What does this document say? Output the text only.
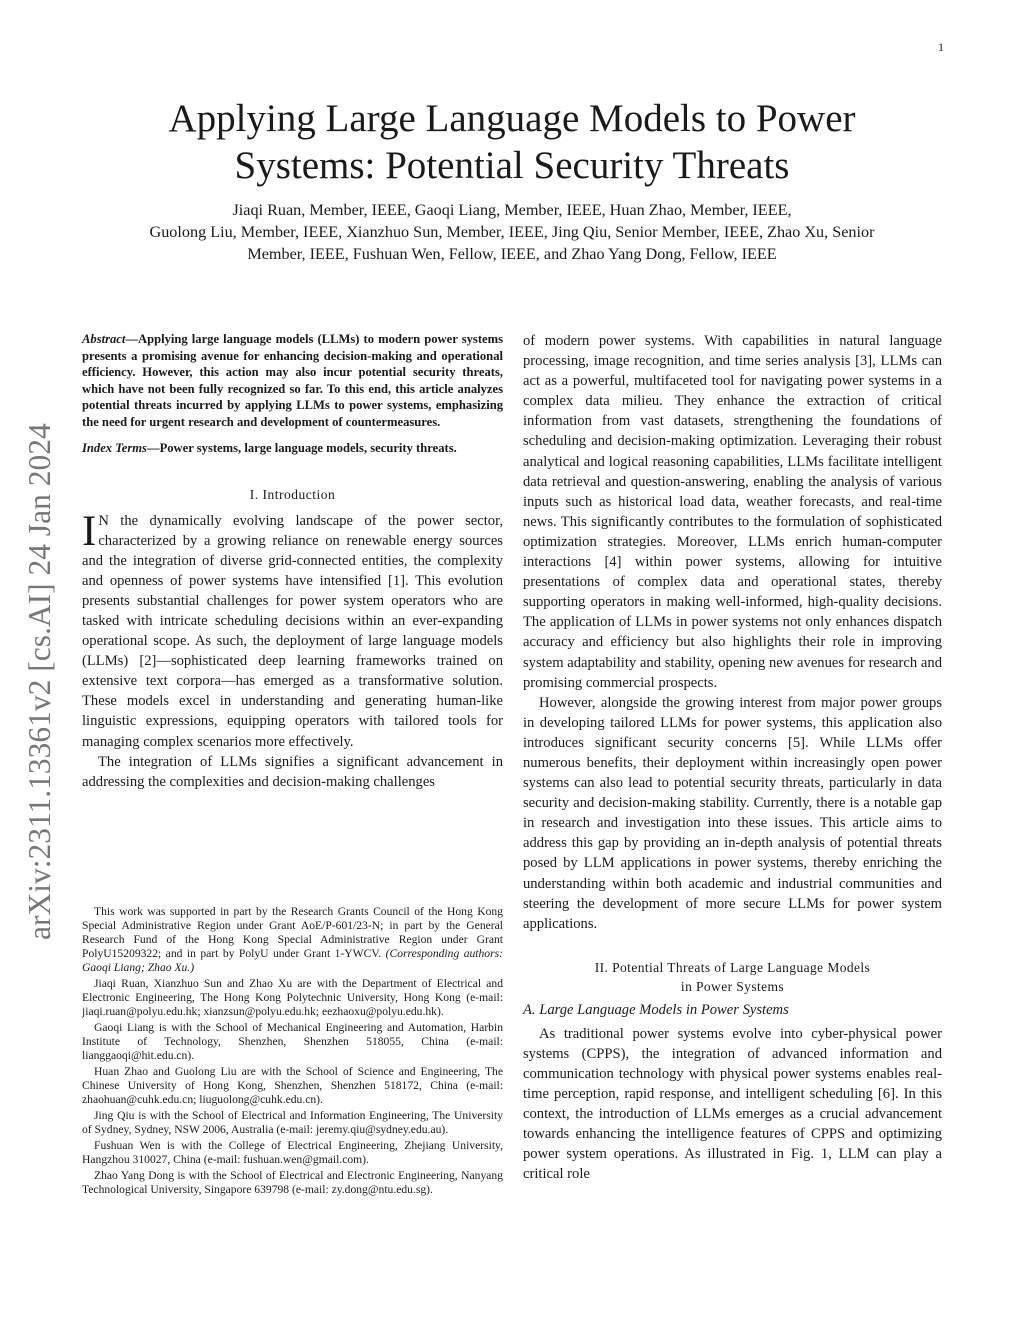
1
arXiv:2311.13361v2 [cs.AI] 24 Jan 2024
Applying Large Language Models to Power
Systems: Potential Security Threats
Jiaqi Ruan, Member, IEEE, Gaoqi Liang, Member, IEEE, Huan Zhao, Member, IEEE,
Guolong Liu, Member, IEEE, Xianzhuo Sun, Member, IEEE, Jing Qiu, Senior Member, IEEE, Zhao Xu, Senior
Member, IEEE, Fushuan Wen, Fellow, IEEE, and Zhao Yang Dong, Fellow, IEEE

Abstract—Applying large language models (LLMs) to modern power systems presents a promising avenue for enhancing decision-making and operational efficiency. However, this action may also incur potential security threats, which have not been fully recognized so far. To this end, this article analyzes potential threats incurred by applying LLMs to power systems, emphasizing the need for urgent research and development of countermeasures.

Index Terms—Power systems, large language models, security threats.

I. Introduction

I N the dynamically evolving landscape of the power sector, characterized by a growing reliance on renewable energy sources and the integration of diverse grid-connected entities, the complexity and openness of power systems have intensified [1]. This evolution presents substantial challenges for power system operators who are tasked with intricate scheduling decisions within an ever-expanding operational scope. As such, the deployment of large language models (LLMs) [2]—sophisticated deep learning frameworks trained on extensive text corpora—has emerged as a transformative solution. These models excel in understanding and generating human-like linguistic expressions, equipping operators with tailored tools for managing complex scenarios more effectively.

The integration of LLMs signifies a significant advancement in addressing the complexities and decision-making challenges

This work was supported in part by the Research Grants Council of the Hong Kong Special Administrative Region under Grant AoE/P-601/23-N; in part by the General Research Fund of the Hong Kong Special Administrative Region under Grant PolyU15209322; and in part by PolyU under Grant 1-YWCV. (Corresponding authors: Gaoqi Liang; Zhao Xu.)

Jiaqi Ruan, Xianzhuo Sun and Zhao Xu are with the Department of Electrical and Electronic Engineering, The Hong Kong Polytechnic University, Hong Kong (e-mail: jiaqi.ruan@polyu.edu.hk; xianzsun@polyu.edu.hk; eezhaoxu@polyu.edu.hk).

Gaoqi Liang is with the School of Mechanical Engineering and Automation, Harbin Institute of Technology, Shenzhen, Shenzhen 518055, China (e-mail: lianggaoqi@hit.edu.cn).

Huan Zhao and Guolong Liu are with the School of Science and Engineering, The Chinese University of Hong Kong, Shenzhen, Shenzhen 518172, China (e-mail: zhaohuan@cuhk.edu.cn; liuguolong@cuhk.edu.cn).

Jing Qiu is with the School of Electrical and Information Engineering, The University of Sydney, Sydney, NSW 2006, Australia (e-mail: jeremy.qiu@sydney.edu.au).

Fushuan Wen is with the College of Electrical Engineering, Zhejiang University, Hangzhou 310027, China (e-mail: fushuan.wen@gmail.com).

Zhao Yang Dong is with the School of Electrical and Electronic Engineering, Nanyang Technological University, Singapore 639798 (e-mail: zy.dong@ntu.edu.sg).

of modern power systems. With capabilities in natural language processing, image recognition, and time series analysis [3], LLMs can act as a powerful, multifaceted tool for navigating power systems in a complex data milieu. They enhance the extraction of critical information from vast datasets, strengthening the foundations of scheduling and decision-making optimization. Leveraging their robust analytical and logical reasoning capabilities, LLMs facilitate intelligent data retrieval and question-answering, enabling the analysis of various inputs such as historical load data, weather forecasts, and real-time news. This significantly contributes to the formulation of sophisticated optimization strategies. Moreover, LLMs enrich human-computer interactions [4] within power systems, allowing for intuitive presentations of complex data and operational states, thereby supporting operators in making well-informed, high-quality decisions. The application of LLMs in power systems not only enhances dispatch accuracy and efficiency but also highlights their role in improving system adaptability and stability, opening new avenues for research and promising commercial prospects.

However, alongside the growing interest from major power groups in developing tailored LLMs for power systems, this application also introduces significant security concerns [5]. While LLMs offer numerous benefits, their deployment within increasingly open power systems can also lead to potential security threats, particularly in data security and decision-making stability. Currently, there is a notable gap in research and investigation into these issues. This article aims to address this gap by providing an in-depth analysis of potential threats posed by LLM applications in power systems, thereby enriching the understanding within both academic and industrial communities and steering the development of more secure LLMs for power system applications.

II. Potential Threats of Large Language Models
in Power Systems

A. Large Language Models in Power Systems

As traditional power systems evolve into cyber-physical power systems (CPPS), the integration of advanced information and communication technology with physical power systems enables real-time perception, rapid response, and intelligent scheduling [6]. In this context, the introduction of LLMs emerges as a crucial advancement towards enhancing the intelligence features of CPPS and optimizing power system operations. As illustrated in Fig. 1, LLM can play a critical role
